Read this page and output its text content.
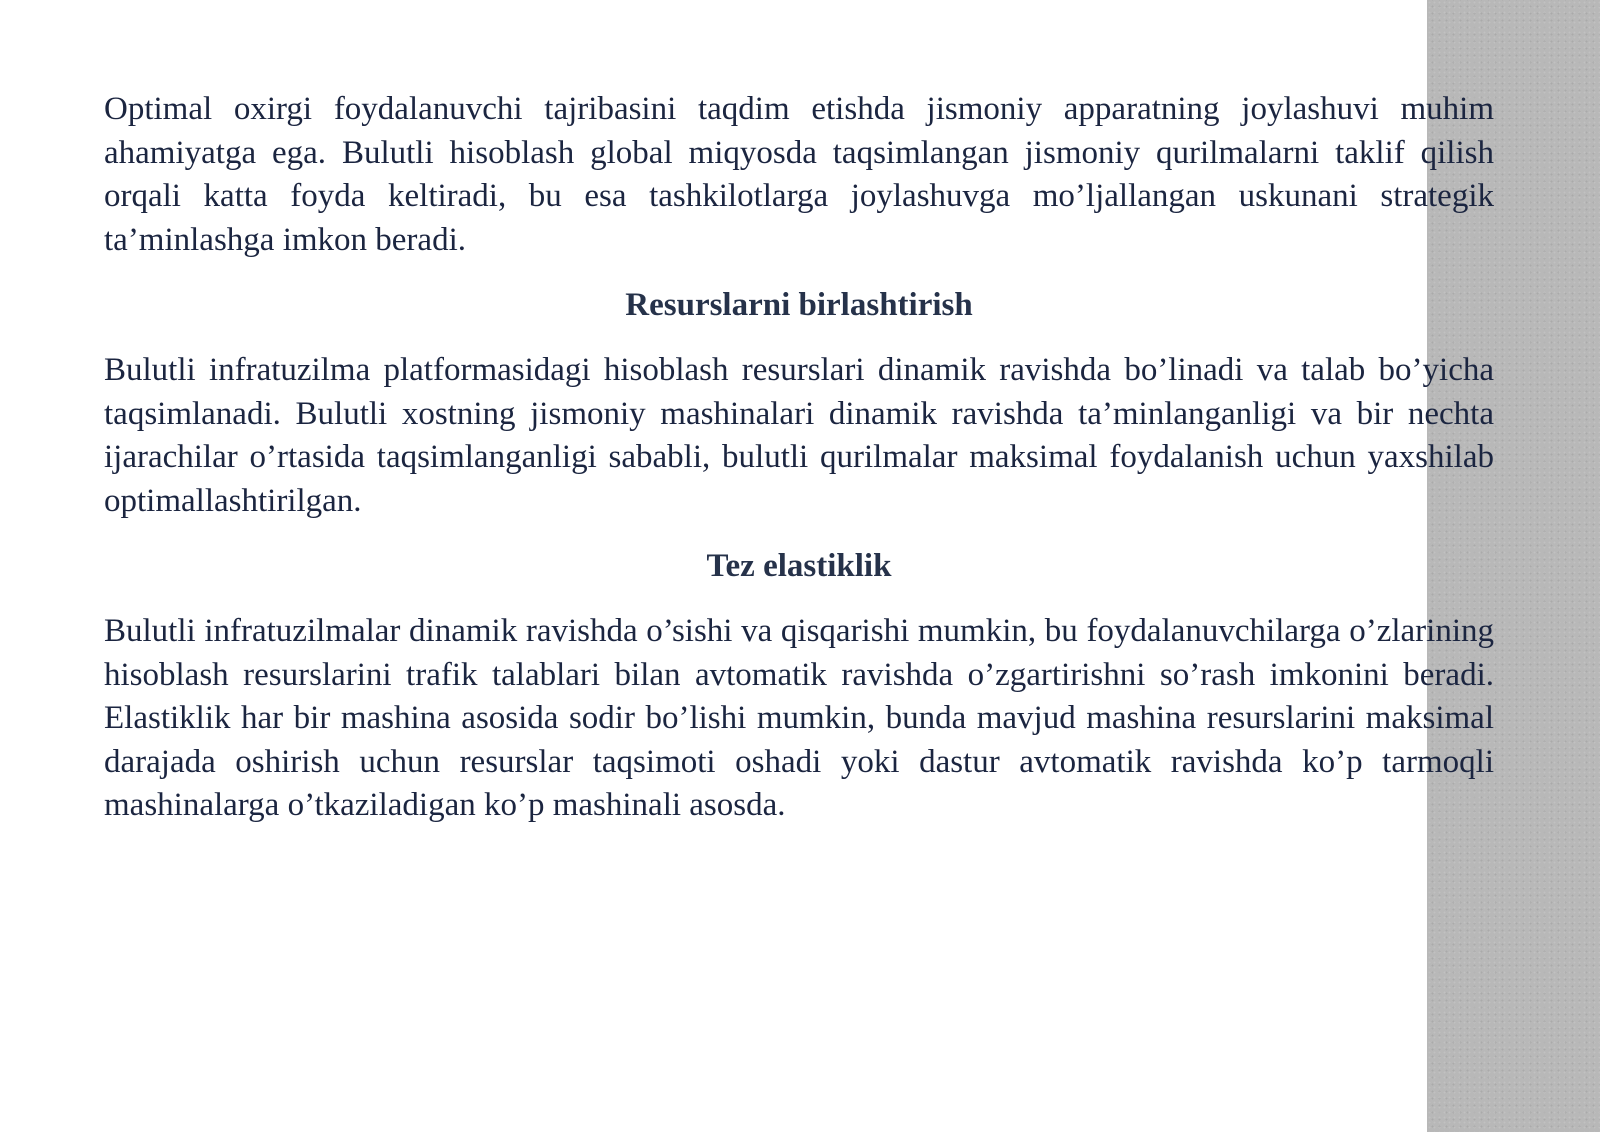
Optimal oxirgi foydalanuvchi tajribasini taqdim etishda jismoniy apparatning joylashuvi muhim ahamiyatga ega. Bulutli hisoblash global miqyosda taqsimlangan jismoniy qurilmalarni taklif qilish orqali katta foyda keltiradi, bu esa tashkilotlarga joylashuvga mo’ljallangan uskunani strategik ta’minlashga imkon beradi.

Resurslarni birlashtirish

Bulutli infratuzilma platformasidagi hisoblash resurslari dinamik ravishda bo’linadi va talab bo’yicha taqsimlanadi. Bulutli xostning jismoniy mashinalari dinamik ravishda ta’minlanganligi va bir nechta ijarachilar o’rtasida taqsimlanganligi sababli, bulutli qurilmalar maksimal foydalanish uchun yaxshilab optimallashtirilgan.

Tez elastiklik

Bulutli infratuzilmalar dinamik ravishda o’sishi va qisqarishi mumkin, bu foydalanuvchilarga o’zlarining hisoblash resurslarini trafik talablari bilan avtomatik ravishda o’zgartirishni so’rash imkonini beradi. Elastiklik har bir mashina asosida sodir bo’lishi mumkin, bunda mavjud mashina resurslarini maksimal darajada oshirish uchun resurslar taqsimoti oshadi yoki dastur avtomatik ravishda ko’p tarmoqli mashinalarga o’tkaziladigan ko’p mashinali asosda.
